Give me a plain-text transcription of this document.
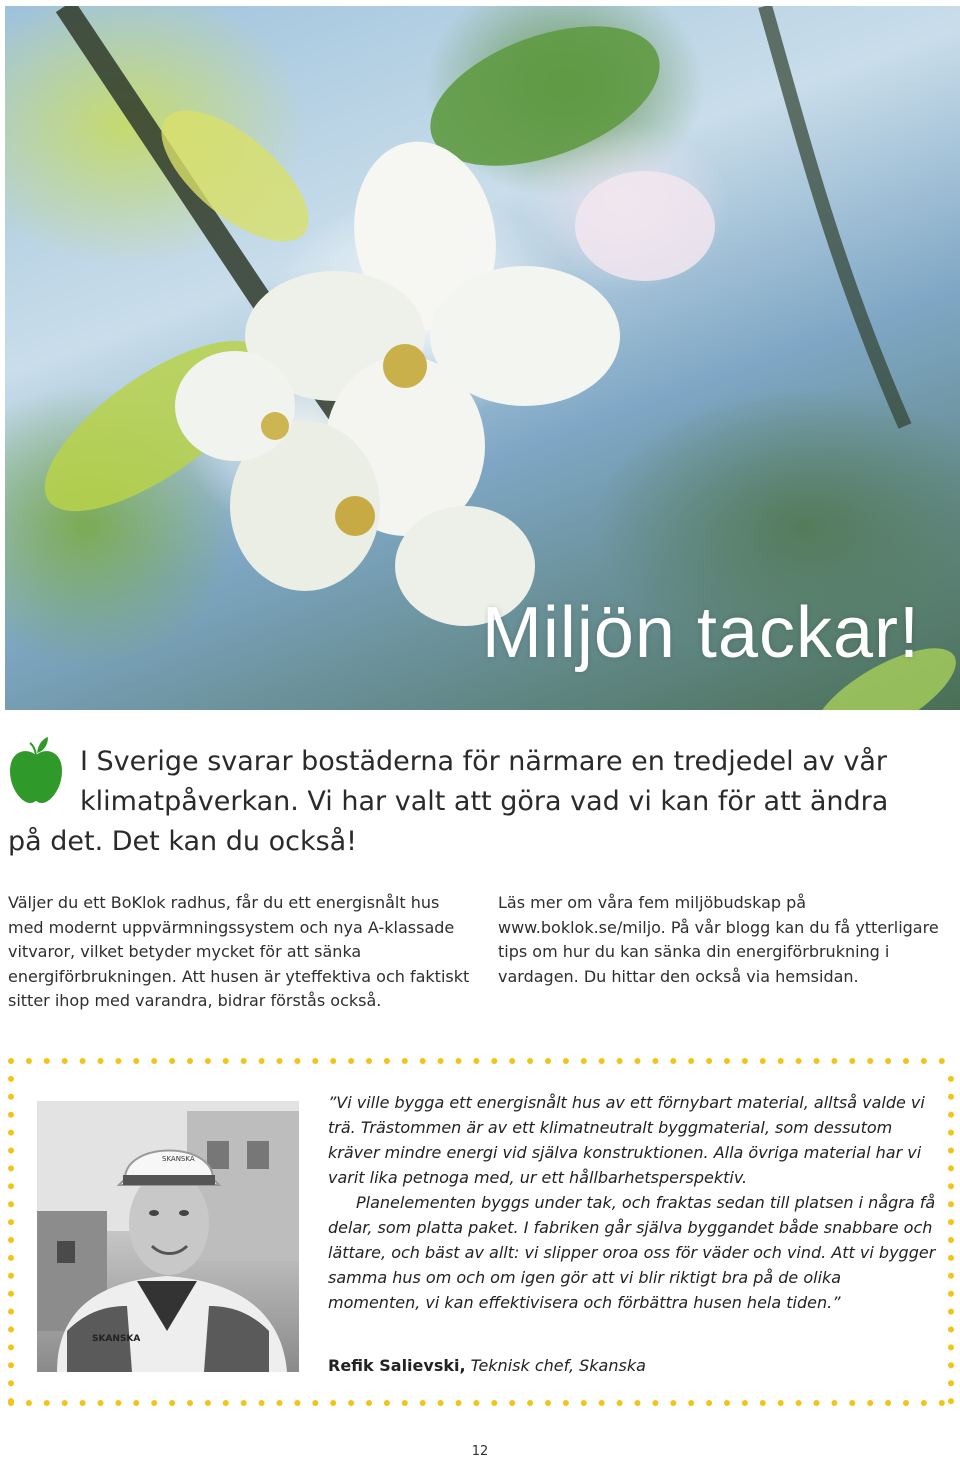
Miljön tackar!
I Sverige svarar bostäderna för närmare en tredjedel av vår
klimatpåverkan. Vi har valt att göra vad vi kan för att ändra
på det. Det kan du också!
Väljer du ett BoKlok radhus, får du ett energisnålt hus med modernt uppvärmningssystem och nya A-klassade vitvaror, vilket betyder mycket för att sänka energiförbrukningen. Att husen är yteffektiva och faktiskt sitter ihop med varandra, bidrar förstås också.
Läs mer om våra fem miljöbudskap på www.boklok.se/miljo. På vår blogg kan du få ytterligare tips om hur du kan sänka din energiförbrukning i vardagen. Du hittar den också via hemsidan.
SKANSKA
SKANSKA

”Vi ville bygga ett energisnålt hus av ett förnybart material, alltså valde vi trä. Trästommen är av ett klimatneutralt byggmaterial, som dessutom kräver mindre energi vid själva konstruktionen. Alla övriga material har vi varit lika petnoga med, ur ett hållbarhetsperspektiv.

Planelementen byggs under tak, och fraktas sedan till platsen i några få delar, som platta paket. I fabriken går själva byggandet både snabbare och lättare, och bäst av allt: vi slipper oroa oss för väder och vind. Att vi bygger samma hus om och om igen gör att vi blir riktigt bra på de olika momenten, vi kan effektivisera och förbättra husen hela tiden.”

Refik Salievski, Teknisk chef, Skanska
12
